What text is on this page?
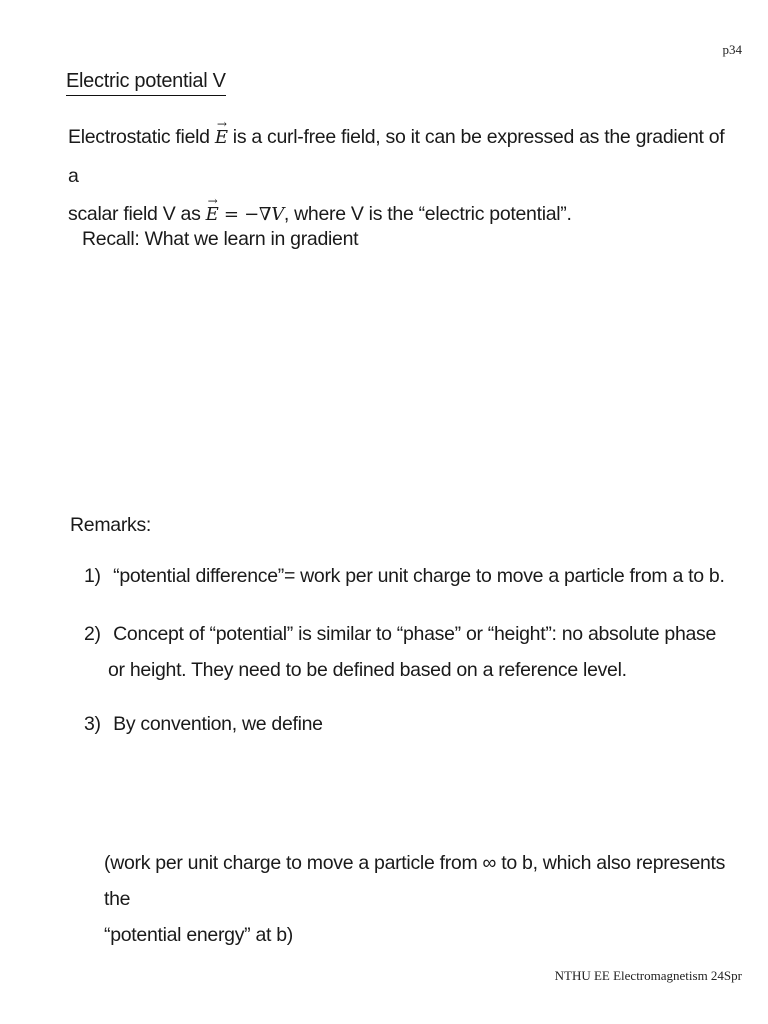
p34
Electric potential V
Electrostatic field → E is a curl-free field, so it can be expressed as the gradient of a
scalar field V as → E = −∇V, where V is the “electric potential”.
Recall: What we learn in gradient
Remarks:
1) “potential difference”= work per unit charge to move a particle from a to b.
2) Concept of “potential” is similar to “phase” or “height”: no absolute phase
or height. They need to be defined based on a reference level.
3) By convention, we define
(work per unit charge to move a particle from ∞ to b, which also represents the
“potential energy” at b)
NTHU EE Electromagnetism 24Spr
